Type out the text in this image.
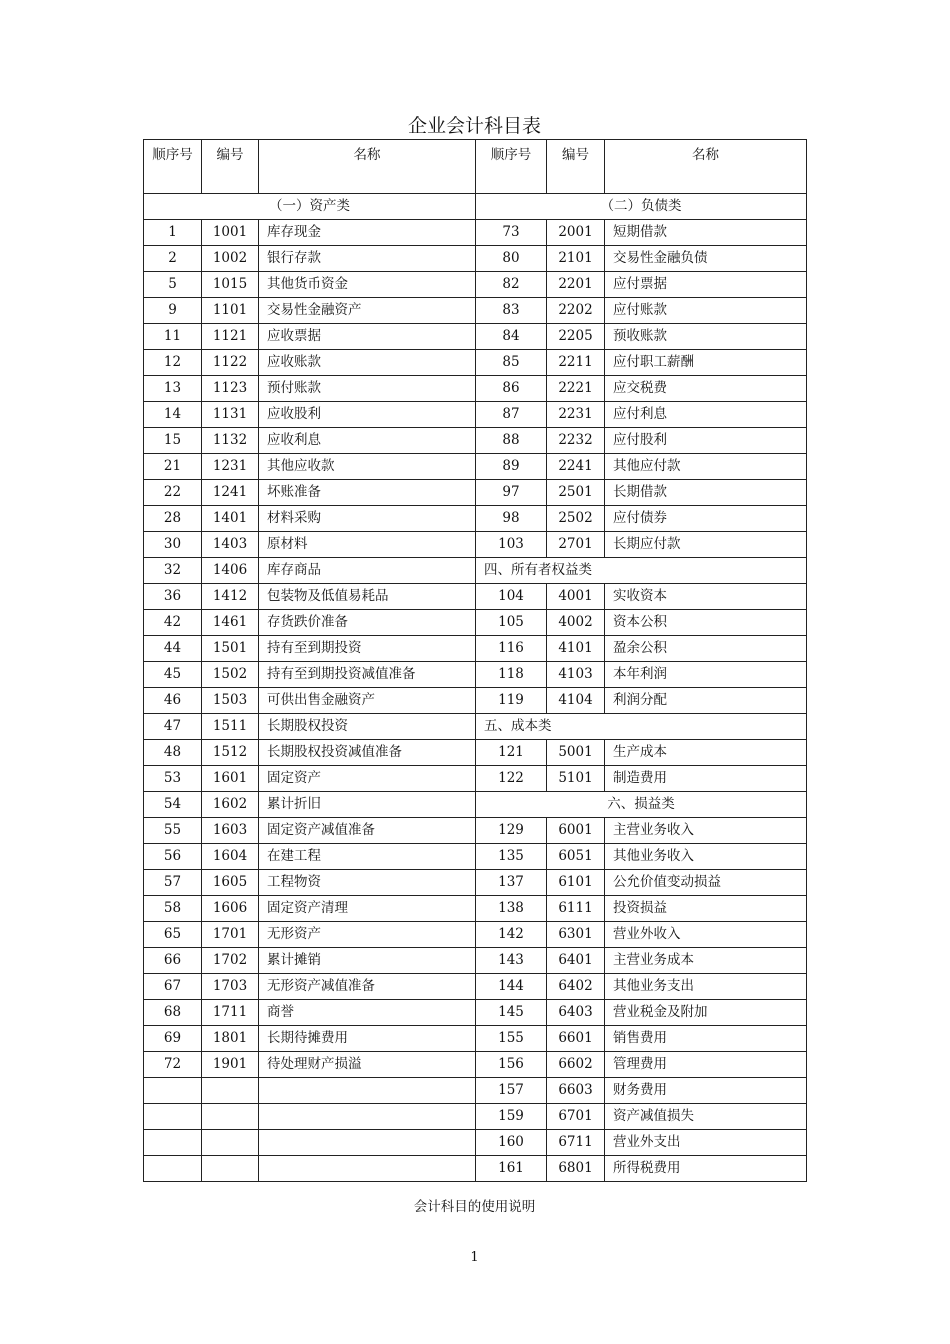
企业会计科目表
顺序号	编号	名称	顺序号	编号	名称
（一）资产类			（二）负债类		
1	1001	库存现金	73	2001	短期借款
2	1002	银行存款	80	2101	交易性金融负债
5	1015	其他货币资金	82	2201	应付票据
9	1101	交易性金融资产	83	2202	应付账款
11	1121	应收票据	84	2205	预收账款
12	1122	应收账款	85	2211	应付职工薪酬
13	1123	预付账款	86	2221	应交税费
14	1131	应收股利	87	2231	应付利息
15	1132	应收利息	88	2232	应付股利
21	1231	其他应收款	89	2241	其他应付款
22	1241	坏账准备	97	2501	长期借款
28	1401	材料采购	98	2502	应付债券
30	1403	原材料	103	2701	长期应付款
32	1406	库存商品	四、所有者权益类		
36	1412	包装物及低值易耗品	104	4001	实收资本
42	1461	存货跌价准备	105	4002	资本公积
44	1501	持有至到期投资	116	4101	盈余公积
45	1502	持有至到期投资减值准备	118	4103	本年利润
46	1503	可供出售金融资产	119	4104	利润分配
47	1511	长期股权投资	五、成本类		
48	1512	长期股权投资减值准备	121	5001	生产成本
53	1601	固定资产	122	5101	制造费用
54	1602	累计折旧	六、损益类		
55	1603	固定资产减值准备	129	6001	主营业务收入
56	1604	在建工程	135	6051	其他业务收入
57	1605	工程物资	137	6101	公允价值变动损益
58	1606	固定资产清理	138	6111	投资损益
65	1701	无形资产	142	6301	营业外收入
66	1702	累计摊销	143	6401	主营业务成本
67	1703	无形资产减值准备	144	6402	其他业务支出
68	1711	商誉	145	6403	营业税金及附加
69	1801	长期待摊费用	155	6601	销售费用
72	1901	待处理财产损溢	156	6602	管理费用
			157	6603	财务费用
			159	6701	资产减值损失
			160	6711	营业外支出
			161	6801	所得税费用
会计科目的使用说明
1
